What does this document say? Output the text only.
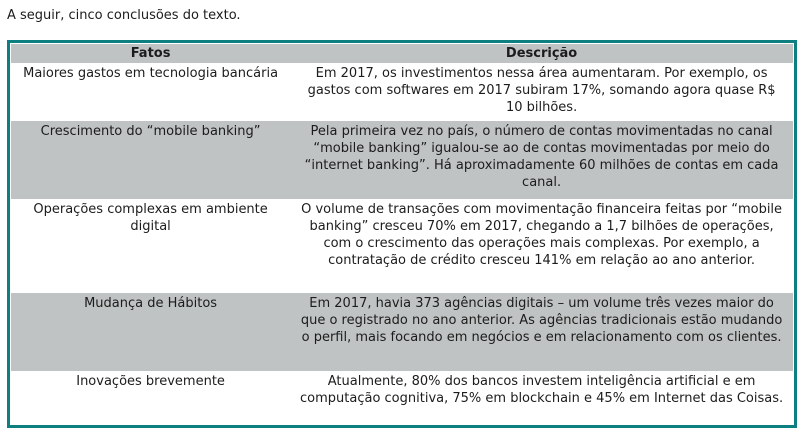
A seguir, cinco conclusões do texto.

Fatos	Descrição
Maiores gastos em tecnologia bancária	Em 2017, os investimentos nessa área aumentaram. Por exemplo, os gastos com softwares em 2017 subiram 17%, somando agora quase R$ 10 bilhões.
Crescimento do “mobile banking”	Pela primeira vez no país, o número de contas movimentadas no canal “mobile banking” igualou-se ao de contas movimentadas por meio do “internet banking”. Há aproximadamente 60 milhões de contas em cada canal.
Operações complexas em ambiente digital	O volume de transações com movimentação financeira feitas por “mobile banking” cresceu 70% em 2017, chegando a 1,7 bilhões de operações, com o crescimento das operações mais complexas. Por exemplo, a contratação de crédito cresceu 141% em relação ao ano anterior.
Mudança de Hábitos	Em 2017, havia 373 agências digitais – um volume três vezes maior do que o registrado no ano anterior. As agências tradicionais estão mudando o perfil, mais focando em negócios e em relacionamento com os clientes.
Inovações brevemente	Atualmente, 80% dos bancos investem inteligência artificial e em computação cognitiva, 75% em blockchain e 45% em Internet das Coisas.
